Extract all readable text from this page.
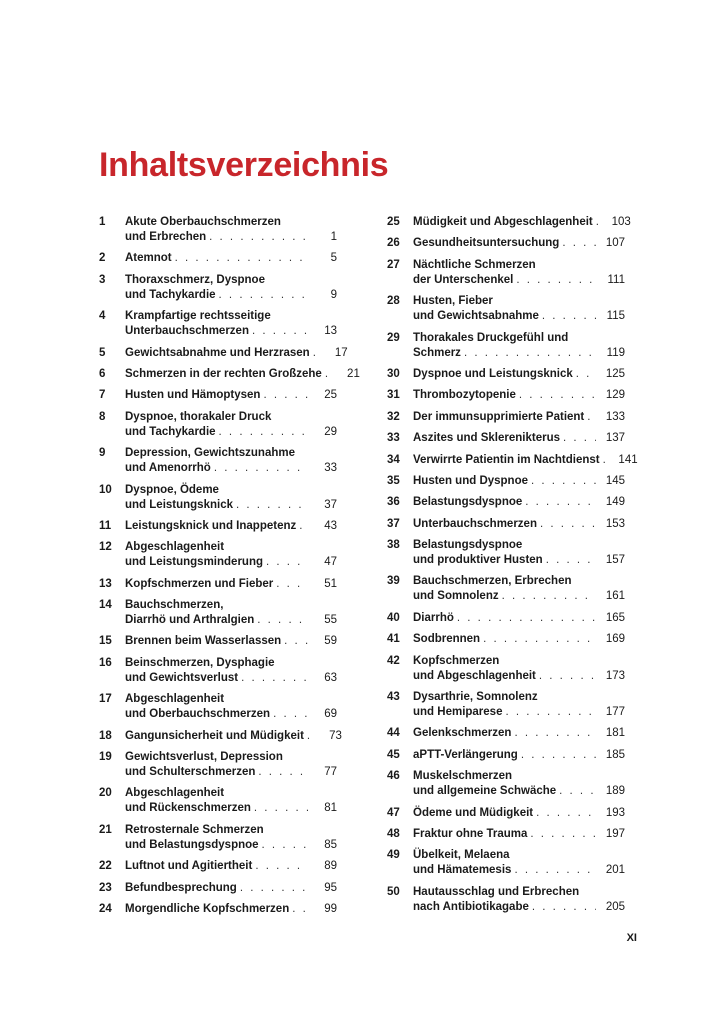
Inhaltsverzeichnis
1	Akute Oberbauchschmerzen
und Erbrechen . . .	1
2	Atemnot . . .	5
3	Thoraxschmerz, Dyspnoe
und Tachykardie . . .	9
4	Krampfartige rechtsseitige
Unterbauchschmerzen . . .	13
5	Gewichtsabnahme und Herzrasen . . .	17
6	Schmerzen in der rechten Großzehe . . .	21
7	Husten und Hämoptysen . . .	25
8	Dyspnoe, thorakaler Druck
und Tachykardie . . .	29
9	Depression, Gewichtszunahme
und Amenorrhö . . .	33
10	Dyspnoe, Ödeme
und Leistungsknick . . .	37
11	Leistungsknick und Inappetenz . . .	43
12	Abgeschlagenheit
und Leistungsminderung . . .	47
13	Kopfschmerzen und Fieber . . .	51
14	Bauchschmerzen,
Diarrhö und Arthralgien . . .	55
15	Brennen beim Wasserlassen . . .	59
16	Beinschmerzen, Dysphagie
und Gewichtsverlust . . .	63
17	Abgeschlagenheit
und Oberbauchschmerzen . . .	69
18	Gangunsicherheit und Müdigkeit . . .	73
19	Gewichtsverlust, Depression
und Schulterschmerzen . . .	77
20	Abgeschlagenheit
und Rückenschmerzen . . .	81
21	Retrosternale Schmerzen
und Belastungsdyspnoe . . .	85
22	Luftnot und Agitiertheit . . .	89
23	Befundbesprechung . . .	95
24	Morgendliche Kopfschmerzen . . .	99
25	Müdigkeit und Abgeschlagenheit . . .	103
26	Gesundheitsuntersuchung . . .	107
27	Nächtliche Schmerzen
der Unterschenkel . . .	111
28	Husten, Fieber
und Gewichtsabnahme . . .	115
29	Thorakales Druckgefühl und
Schmerz . . .	119
30	Dyspnoe und Leistungsknick . . .	125
31	Thrombozytopenie . . .	129
32	Der immunsupprimierte Patient . . .	133
33	Aszites und Sklerenikterus . . .	137
34	Verwirrte Patientin im Nachtdienst . . .	141
35	Husten und Dyspnoe . . .	145
36	Belastungsdyspnoe . . .	149
37	Unterbauchschmerzen . . .	153
38	Belastungsdyspnoe
und produktiver Husten . . .	157
39	Bauchschmerzen, Erbrechen
und Somnolenz . . .	161
40	Diarrhö . . .	165
41	Sodbrennen . . .	169
42	Kopfschmerzen
und Abgeschlagenheit . . .	173
43	Dysarthrie, Somnolenz
und Hemiparese . . .	177
44	Gelenkschmerzen . . .	181
45	aPTT-Verlängerung . . .	185
46	Muskelschmerzen
und allgemeine Schwäche . . .	189
47	Ödeme und Müdigkeit . . .	193
48	Fraktur ohne Trauma . . .	197
49	Übelkeit, Melaena
und Hämatemesis . . .	201
50	Hautausschlag und Erbrechen
nach Antibiotikagabe . . .	205
XI
